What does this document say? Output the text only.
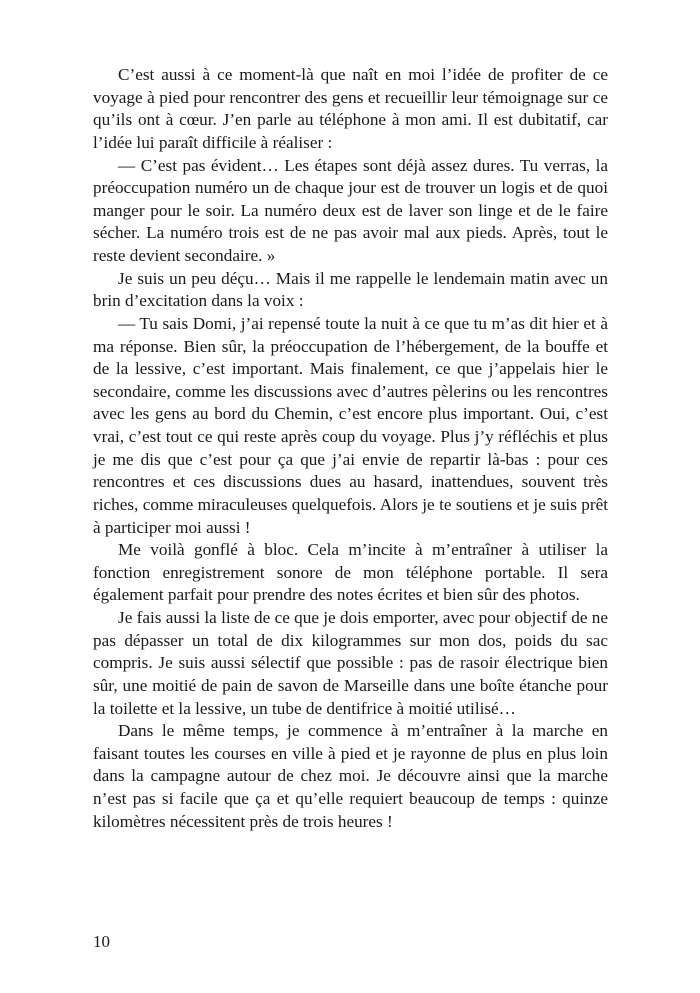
C’est aussi à ce moment-là que naît en moi l’idée de profiter de ce voyage à pied pour rencontrer des gens et recueillir leur témoignage sur ce qu’ils ont à cœur. J’en parle au téléphone à mon ami. Il est dubitatif, car l’idée lui paraît difficile à réaliser :

— C’est pas évident… Les étapes sont déjà assez dures. Tu verras, la préoccupation numéro un de chaque jour est de trouver un logis et de quoi manger pour le soir. La numéro deux est de laver son linge et de le faire sécher. La numéro trois est de ne pas avoir mal aux pieds. Après, tout le reste devient secondaire. »

Je suis un peu déçu… Mais il me rappelle le lendemain matin avec un brin d’excitation dans la voix :

— Tu sais Domi, j’ai repensé toute la nuit à ce que tu m’as dit hier et à ma réponse. Bien sûr, la préoccupation de l’hébergement, de la bouffe et de la lessive, c’est important. Mais finalement, ce que j’appelais hier le secondaire, comme les discussions avec d’autres pèlerins ou les rencontres avec les gens au bord du Chemin, c’est encore plus important. Oui, c’est vrai, c’est tout ce qui reste après coup du voyage. Plus j’y réfléchis et plus je me dis que c’est pour ça que j’ai envie de repartir là-bas : pour ces rencontres et ces discussions dues au hasard, inattendues, souvent très riches, comme miraculeuses quelquefois. Alors je te soutiens et je suis prêt à participer moi aussi !

Me voilà gonflé à bloc. Cela m’incite à m’entraîner à utiliser la fonction enregistrement sonore de mon téléphone portable. Il sera également parfait pour prendre des notes écrites et bien sûr des photos.

Je fais aussi la liste de ce que je dois emporter, avec pour objectif de ne pas dépasser un total de dix kilogrammes sur mon dos, poids du sac compris. Je suis aussi sélectif que possible : pas de rasoir électrique bien sûr, une moitié de pain de savon de Marseille dans une boîte étanche pour la toilette et la lessive, un tube de dentifrice à moitié utilisé…

Dans le même temps, je commence à m’entraîner à la marche en faisant toutes les courses en ville à pied et je rayonne de plus en plus loin dans la campagne autour de chez moi. Je découvre ainsi que la marche n’est pas si facile que ça et qu’elle requiert beaucoup de temps : quinze kilomètres nécessitent près de trois heures !

10
